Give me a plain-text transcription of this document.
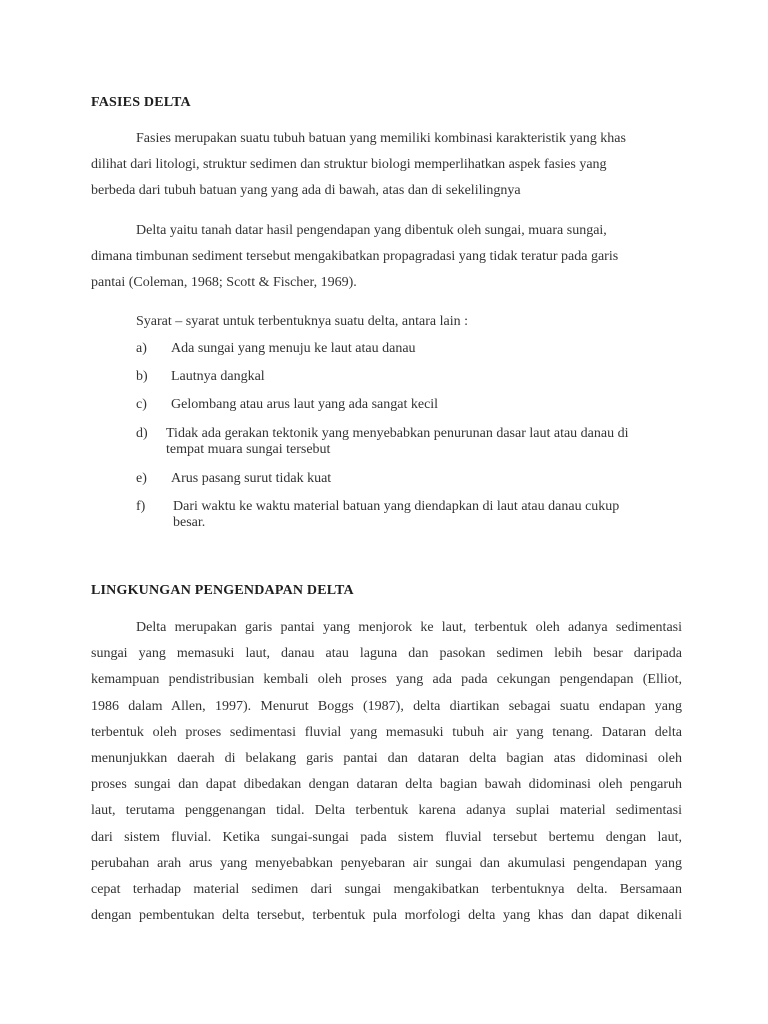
FASIES DELTA

Fasies merupakan suatu tubuh batuan yang memiliki kombinasi karakteristik yang khas
dilihat dari litologi, struktur sedimen dan struktur biologi memperlihatkan aspek fasies yang
berbeda dari tubuh batuan yang yang ada di bawah, atas dan di sekelilingnya

Delta yaitu tanah datar hasil pengendapan yang dibentuk oleh sungai, muara sungai,
dimana timbunan sediment tersebut mengakibatkan propagradasi yang tidak teratur pada garis
pantai (Coleman, 1968; Scott & Fischer, 1969).

Syarat – syarat untuk terbentuknya suatu delta, antara lain :

a) Ada sungai yang menuju ke laut atau danau
b) Lautnya dangkal
c) Gelombang atau arus laut yang ada sangat kecil
d) Tidak ada gerakan tektonik yang menyebabkan penurunan dasar laut atau danau di tempat muara sungai tersebut
e) Arus pasang surut tidak kuat
f) Dari waktu ke waktu material batuan yang diendapkan di laut atau danau cukup besar.
LINGKUNGAN PENGENDAPAN DELTA
Delta merupakan garis pantai yang menjorok ke laut, terbentuk oleh adanya sedimentasi
sungai yang memasuki laut, danau atau laguna dan pasokan sedimen lebih besar daripada
kemampuan pendistribusian kembali oleh proses yang ada pada cekungan pengendapan (Elliot,
1986 dalam Allen, 1997). Menurut Boggs (1987), delta diartikan sebagai suatu endapan yang
terbentuk oleh proses sedimentasi fluvial yang memasuki tubuh air yang tenang. Dataran delta
menunjukkan daerah di belakang garis pantai dan dataran delta bagian atas didominasi oleh
proses sungai dan dapat dibedakan dengan dataran delta bagian bawah didominasi oleh pengaruh
laut, terutama penggenangan tidal. Delta terbentuk karena adanya suplai material sedimentasi
dari sistem fluvial. Ketika sungai-sungai pada sistem fluvial tersebut bertemu dengan laut,
perubahan arah arus yang menyebabkan penyebaran air sungai dan akumulasi pengendapan yang
cepat terhadap material sedimen dari sungai mengakibatkan terbentuknya delta. Bersamaan
dengan pembentukan delta tersebut, terbentuk pula morfologi delta yang khas dan dapat dikenali
